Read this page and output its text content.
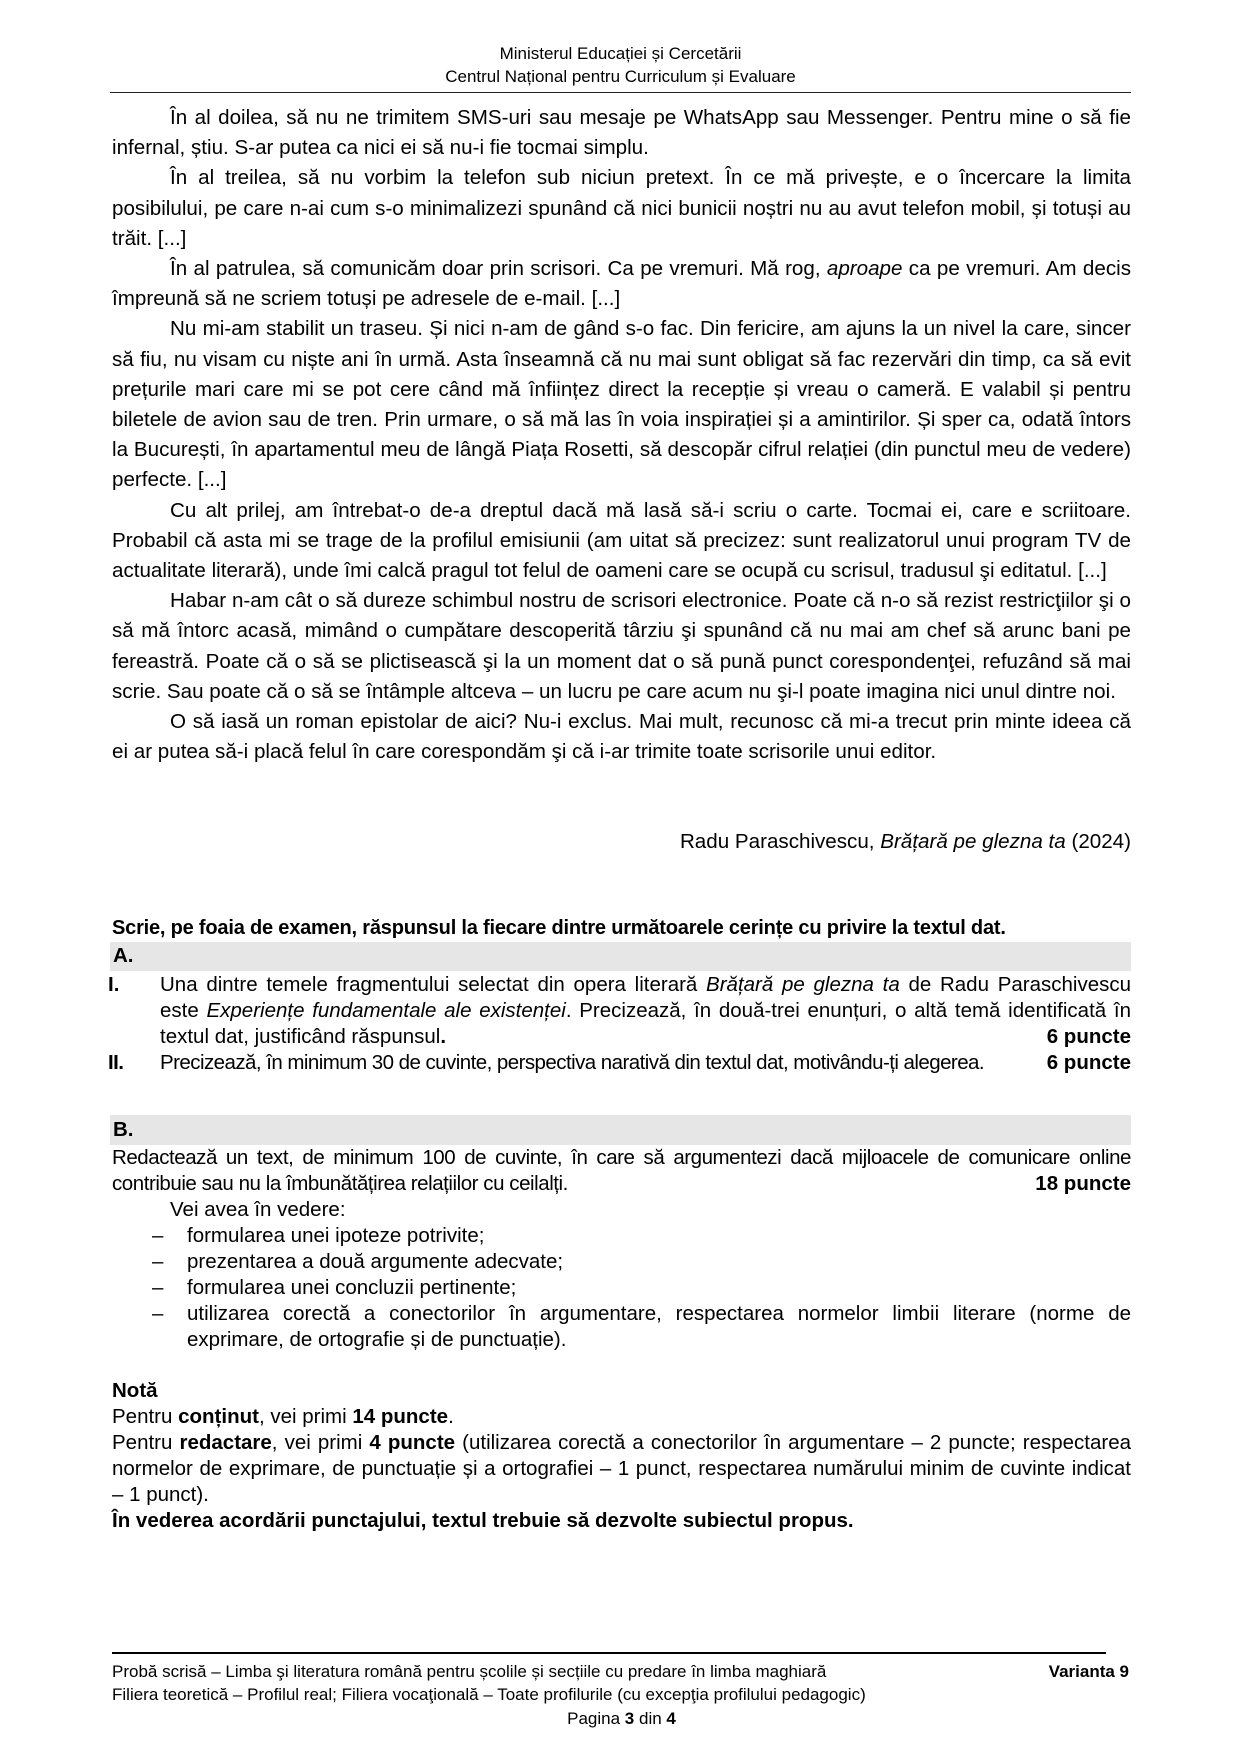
Ministerul Educației și Cercetării
Centrul Național pentru Curriculum și Evaluare

În al doilea, să nu ne trimitem SMS-uri sau mesaje pe WhatsApp sau Messenger. Pentru mine o să fie infernal, știu. S-ar putea ca nici ei să nu-i fie tocmai simplu.

În al treilea, să nu vorbim la telefon sub niciun pretext. În ce mă privește, e o încercare la limita posibilului, pe care n-ai cum s-o minimalizezi spunând că nici bunicii noștri nu au avut telefon mobil, și totuși au trăit. [...]

În al patrulea, să comunicăm doar prin scrisori. Ca pe vremuri. Mă rog, aproape ca pe vremuri. Am decis împreună să ne scriem totuși pe adresele de e-mail. [...]

Nu mi-am stabilit un traseu. Și nici n-am de gând s-o fac. Din fericire, am ajuns la un nivel la care, sincer să fiu, nu visam cu niște ani în urmă. Asta înseamnă că nu mai sunt obligat să fac rezervări din timp, ca să evit prețurile mari care mi se pot cere când mă înființez direct la recepție și vreau o cameră. E valabil și pentru biletele de avion sau de tren. Prin urmare, o să mă las în voia inspirației și a amintirilor. Și sper ca, odată întors la București, în apartamentul meu de lângă Piața Rosetti, să descopăr cifrul relației (din punctul meu de vedere) perfecte. [...]

Cu alt prilej, am întrebat-o de-a dreptul dacă mă lasă să-i scriu o carte. Tocmai ei, care e scriitoare. Probabil că asta mi se trage de la profilul emisiunii (am uitat să precizez: sunt realizatorul unui program TV de actualitate literară), unde îmi calcă pragul tot felul de oameni care se ocupă cu scrisul, tradusul şi editatul. [...]

Habar n-am cât o să dureze schimbul nostru de scrisori electronice. Poate că n-o să rezist restricţiilor şi o să mă întorc acasă, mimând o cumpătare descoperită târziu şi spunând că nu mai am chef să arunc bani pe fereastră. Poate că o să se plictisească şi la un moment dat o să pună punct corespondenţei, refuzând să mai scrie. Sau poate că o să se întâmple altceva – un lucru pe care acum nu şi-l poate imagina nici unul dintre noi.

O să iasă un roman epistolar de aici? Nu-i exclus. Mai mult, recunosc că mi-a trecut prin minte ideea că ei ar putea să-i placă felul în care corespondăm şi că i-ar trimite toate scrisorile unui editor.

Radu Paraschivescu, Brățară pe glezna ta (2024)
Scrie, pe foaia de examen, răspunsul la fiecare dintre următoarele cerințe cu privire la textul dat.
A.
I. Una dintre temele fragmentului selectat din opera literară Brățară pe glezna ta de Radu Paraschivescu este Experiențe fundamentale ale existenței. Precizează, în două-trei enunțuri, o altă temă identificată în textul dat, justificând răspunsul.	6 puncte
II. Precizează, în minimum 30 de cuvinte, perspectiva narativă din textul dat, motivându-ți alegerea.	6 puncte
B.
Redactează un text, de minimum 100 de cuvinte, în care să argumentezi dacă mijloacele de comunicare online contribuie sau nu la îmbunătățirea relațiilor cu ceilalți.	18 puncte
Vei avea în vedere:
– formularea unei ipoteze potrivite;
– prezentarea a două argumente adecvate;
– formularea unei concluzii pertinente;
– utilizarea corectă a conectorilor în argumentare, respectarea normelor limbii literare (norme de exprimare, de ortografie și de punctuație).
Notă
Pentru conținut, vei primi 14 puncte.
Pentru redactare, vei primi 4 puncte (utilizarea corectă a conectorilor în argumentare – 2 puncte; respectarea normelor de exprimare, de punctuație și a ortografiei – 1 punct, respectarea numărului minim de cuvinte indicat – 1 punct).
În vederea acordării punctajului, textul trebuie să dezvolte subiectul propus.
Probă scrisă – Limba şi literatura română pentru școlile și secțiile cu predare în limba maghiară	Varianta 9
Filiera teoretică – Profilul real; Filiera vocaţională – Toate profilurile (cu excepţia profilului pedagogic)
Pagina 3 din 4
